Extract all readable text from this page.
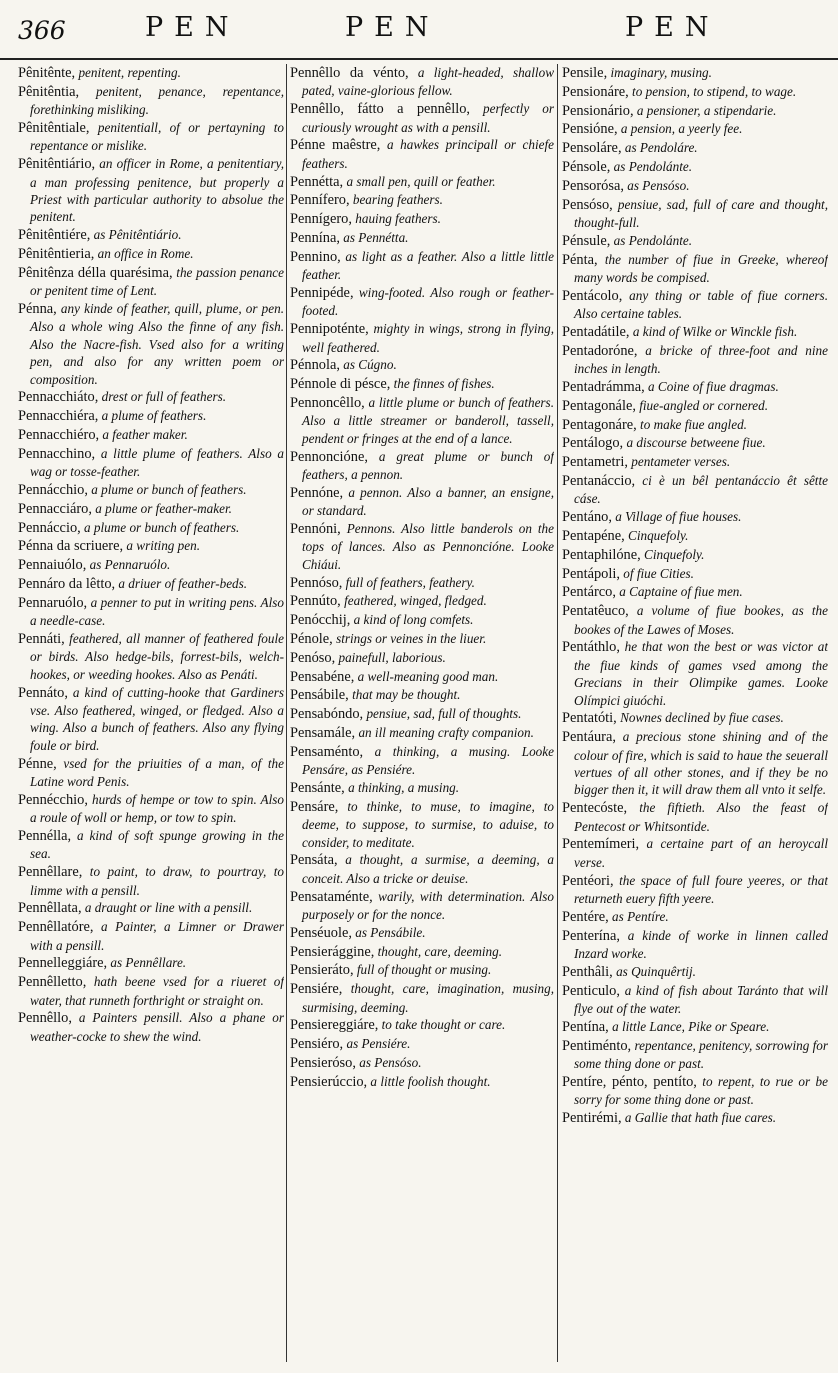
366	PEN	PEN	PEN

Pênitênte, penitent, repenting.

Pênitêntia, penitent, penance, repentance, forethinking misliking.

Pênitêntiale, penitentiall, of or pertayning to repentance or mislike.

Pênitêntiário, an officer in Rome, a penitentiary, a man professing penitence, but properly a Priest with particular authority to absolue the penitent.

Pênitêntiére, as Pênitêntiário.

Pênitêntieria, an office in Rome.

Pênitênza délla quarésima, the passion penance or penitent time of Lent.

Pénna, any kinde of feather, quill, plume, or pen. Also a whole wing Also the finne of any fish. Also the Nacre-fish. Vsed also for a writing pen, and also for any written poem or composition.

Pennacchiáto, drest or full of feathers.

Pennacchiéra, a plume of feathers.

Pennacchiéro, a feather maker.

Pennacchino, a little plume of feathers. Also a wag or tosse-feather.

Pennácchio, a plume or bunch of feathers.

Pennacciáro, a plume or feather-maker.

Pennáccio, a plume or bunch of feathers.

Pénna da scriuere, a writing pen.

Pennaiuólo, as Pennaruólo.

Pennáro da lêtto, a driuer of feather-beds.

Pennaruólo, a penner to put in writing pens. Also a needle-case.

Pennáti, feathered, all manner of feathered foule or birds. Also hedge-bils, forrest-bils, welch-hookes, or weeding hookes. Also as Penáti.

Pennáto, a kind of cutting-hooke that Gardiners vse. Also feathered, winged, or fledged. Also a wing. Also a bunch of feathers. Also any flying foule or bird.

Pénne, vsed for the priuities of a man, of the Latine word Penis.

Pennécchio, hurds of hempe or tow to spin. Also a roule of woll or hemp, or tow to spin.

Pennélla, a kind of soft spunge growing in the sea.

Pennêllare, to paint, to draw, to pourtray, to limme with a pensill.

Pennêllata, a draught or line with a pensill.

Pennêllatóre, a Painter, a Limner or Drawer with a pensill.

Pennelleggiáre, as Pennêllare.

Pennêlletto, hath beene vsed for a riueret of water, that runneth forthright or straight on.

Pennêllo, a Painters pensill. Also a phane or weather-cocke to shew the wind.

Pennêllo da vénto, a light-headed, shallow pated, vaine-glorious fellow.

Pennêllo, fátto a pennêllo, perfectly or curiously wrought as with a pensill.

Pénne maêstre, a hawkes principall or chiefe feathers.

Pennétta, a small pen, quill or feather.

Pennífero, bearing feathers.

Pennígero, hauing feathers.

Pennína, as Pennétta.

Pennino, as light as a feather. Also a little little feather.

Pennipéde, wing-footed. Also rough or feather-footed.

Pennipoténte, mighty in wings, strong in flying, well feathered.

Pénnola, as Cúgno.

Pénnole di pésce, the finnes of fishes.

Pennoncêllo, a little plume or bunch of feathers. Also a little streamer or banderoll, tassell, pendent or fringes at the end of a lance.

Pennoncióne, a great plume or bunch of feathers, a pennon.

Pennóne, a pennon. Also a banner, an ensigne, or standard.

Pennóni, Pennons. Also little banderols on the tops of lances. Also as Pennoncióne. Looke Chiáui.

Pennóso, full of feathers, feathery.

Pennúto, feathered, winged, fledged.

Penócchij, a kind of long comfets.

Pénole, strings or veines in the liuer.

Penóso, painefull, laborious.

Pensabéne, a well-meaning good man.

Pensábile, that may be thought.

Pensabóndo, pensiue, sad, full of thoughts.

Pensamále, an ill meaning crafty companion.

Pensaménto, a thinking, a musing. Looke Pensáre, as Pensiére.

Pensánte, a thinking, a musing.

Pensáre, to thinke, to muse, to imagine, to deeme, to suppose, to surmise, to aduise, to consider, to meditate.

Pensáta, a thought, a surmise, a deeming, a conceit. Also a tricke or deuise.

Pensataménte, warily, with determination. Also purposely or for the nonce.

Penséuole, as Pensábile.

Pensierággine, thought, care, deeming.

Pensieráto, full of thought or musing.

Pensiére, thought, care, imagination, musing, surmising, deeming.

Pensiereggiáre, to take thought or care.

Pensiéro, as Pensiére.

Pensieróso, as Pensóso.

Pensierúccio, a little foolish thought.

Pensile, imaginary, musing.

Pensionáre, to pension, to stipend, to wage.

Pensionário, a pensioner, a stipendarie.

Pensióne, a pension, a yeerly fee.

Pensoláre, as Pendoláre.

Pénsole, as Pendolánte.

Pensorósa, as Pensóso.

Pensóso, pensiue, sad, full of care and thought, thought-full.

Pénsule, as Pendolánte.

Pénta, the number of fiue in Greeke, whereof many words be compised.

Pentácolo, any thing or table of fiue corners. Also certaine tables.

Pentadátile, a kind of Wilke or Winckle fish.

Pentadoróne, a bricke of three-foot and nine inches in length.

Pentadrámma, a Coine of fiue dragmas.

Pentagonále, fiue-angled or cornered.

Pentagonáre, to make fiue angled.

Pentálogo, a discourse betweene fiue.

Pentametri, pentameter verses.

Pentanáccio, ci è un bêl pentanáccio êt sêtte cáse.

Pentáno, a Village of fiue houses.

Pentapéne, Cinquefoly.

Pentaphilóne, Cinquefoly.

Pentápoli, of fiue Cities.

Pentárco, a Captaine of fiue men.

Pentatêuco, a volume of fiue bookes, as the bookes of the Lawes of Moses.

Pentáthlo, he that won the best or was victor at the fiue kinds of games vsed among the Grecians in their Olimpike games. Looke Olímpici giuóchi.

Pentatóti, Nownes declined by fiue cases.

Pentáura, a precious stone shining and of the colour of fire, which is said to haue the seuerall vertues of all other stones, and if they be no bigger then it, it will draw them all vnto it selfe.

Pentecóste, the fiftieth. Also the feast of Pentecost or Whitsontide.

Pentemímeri, a certaine part of an heroycall verse.

Pentéori, the space of full foure yeeres, or that returneth euery fifth yeere.

Pentére, as Pentíre.

Penterína, a kinde of worke in linnen called Inzard worke.

Penthâli, as Quinquêrtij.

Penticulo, a kind of fish about Taránto that will flye out of the water.

Pentína, a little Lance, Pike or Speare.

Pentiménto, repentance, penitency, sorrowing for some thing done or past.

Pentíre, pénto, pentíto, to repent, to rue or be sorry for some thing done or past.

Pentirémi, a Gallie that hath fiue cares.
